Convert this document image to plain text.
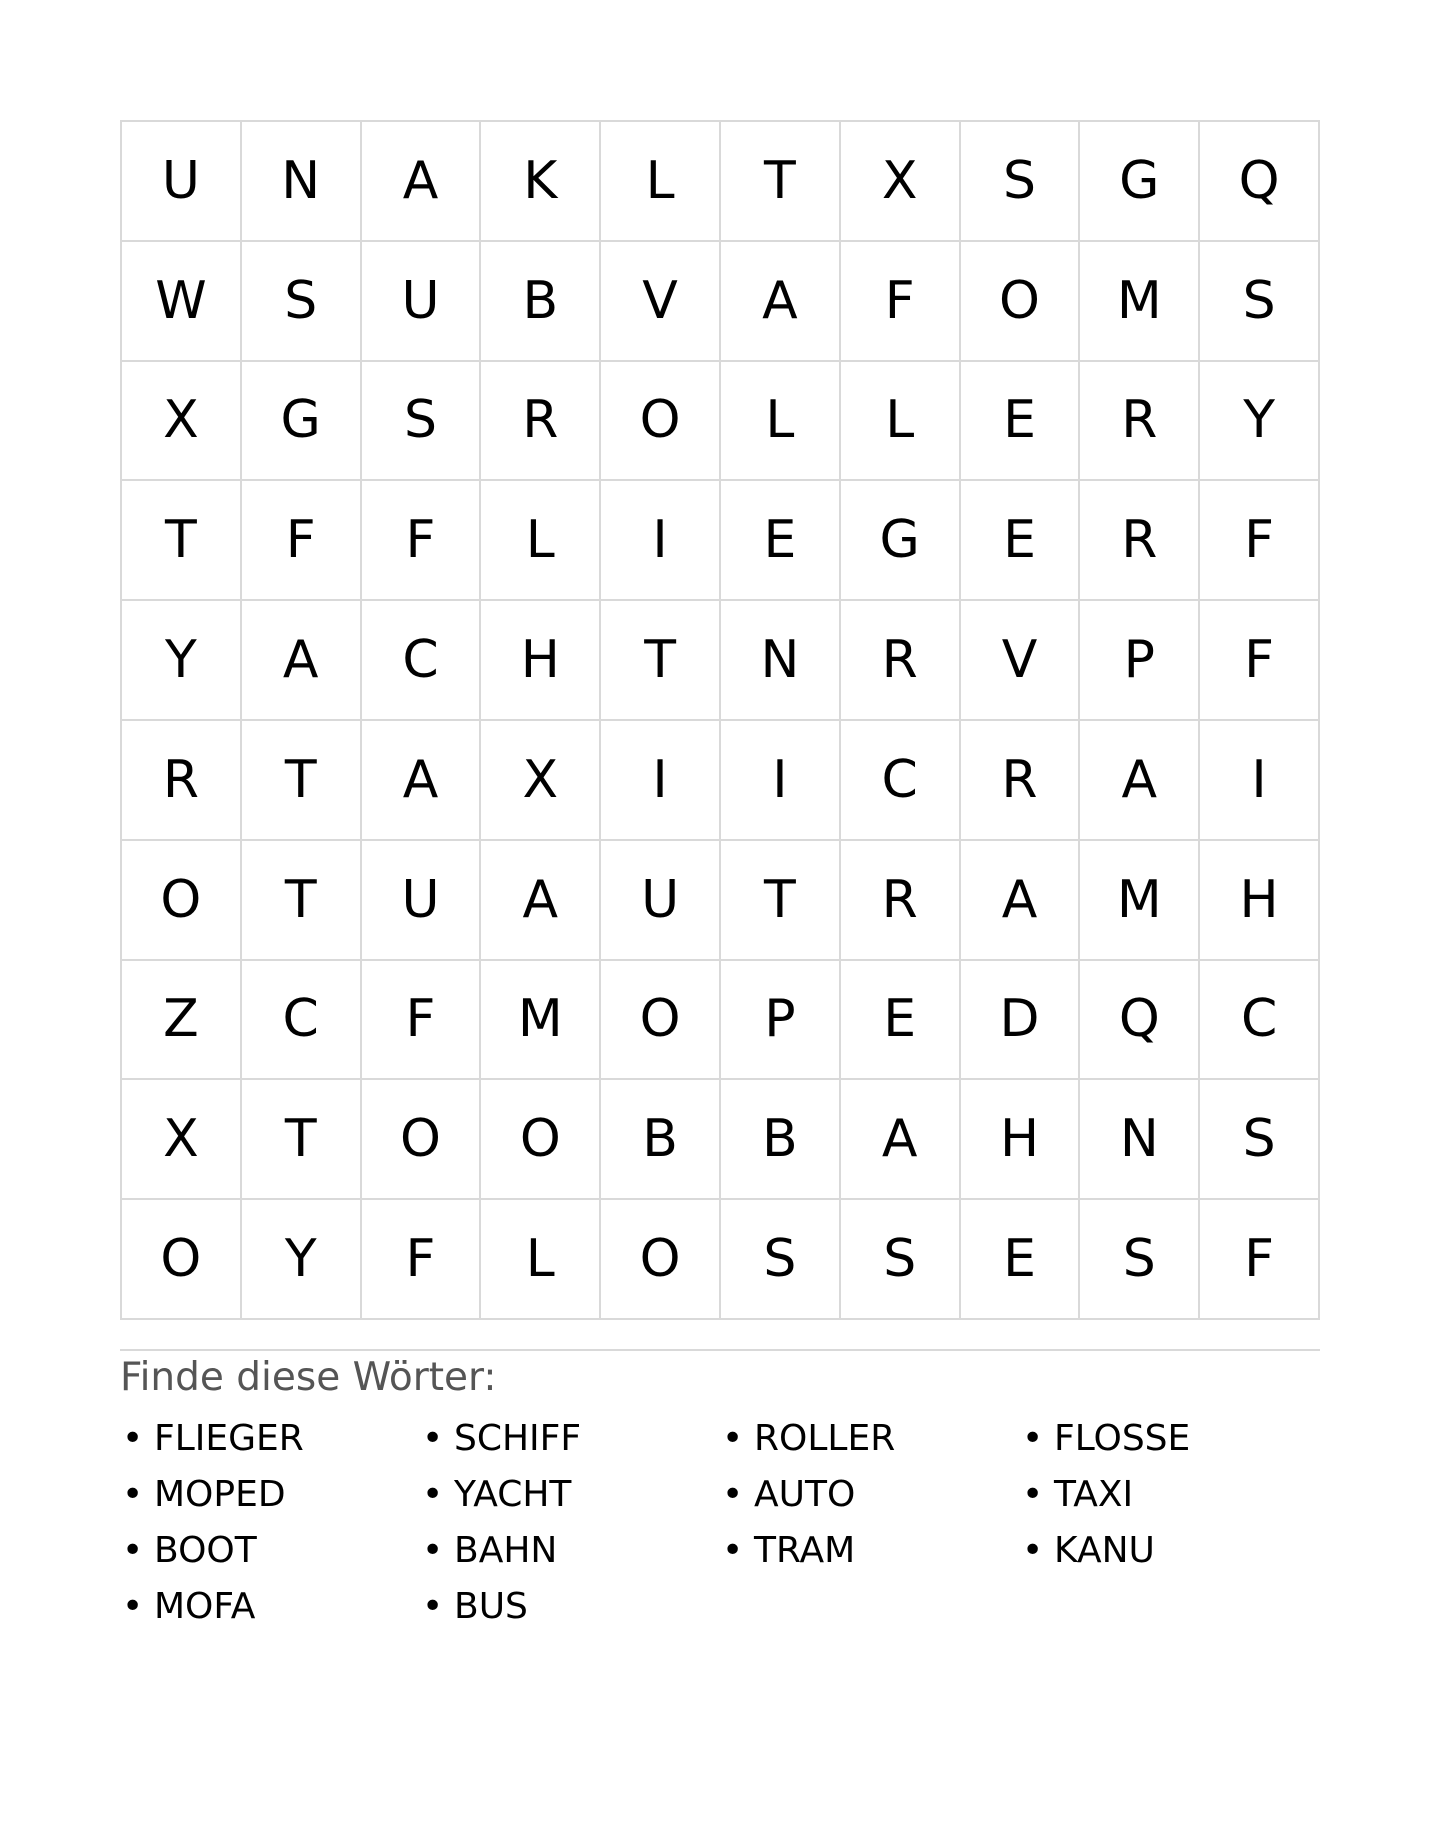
U	N	A	K	L	T	X	S	G	Q
W	S	U	B	V	A	F	O	M	S
X	G	S	R	O	L	L	E	R	Y
T	F	F	L	I	E	G	E	R	F
Y	A	C	H	T	N	R	V	P	F
R	T	A	X	I	I	C	R	A	I
O	T	U	A	U	T	R	A	M	H
Z	C	F	M	O	P	E	D	Q	C
X	T	O	O	B	B	A	H	N	S
O	Y	F	L	O	S	S	E	S	F
Finde diese Wörter:
• FLIEGER	• SCHIFF	• ROLLER	• FLOSSE
• MOPED	• YACHT	• AUTO	• TAXI
• BOOT	• BAHN	• TRAM	• KANU
• MOFA	• BUS
